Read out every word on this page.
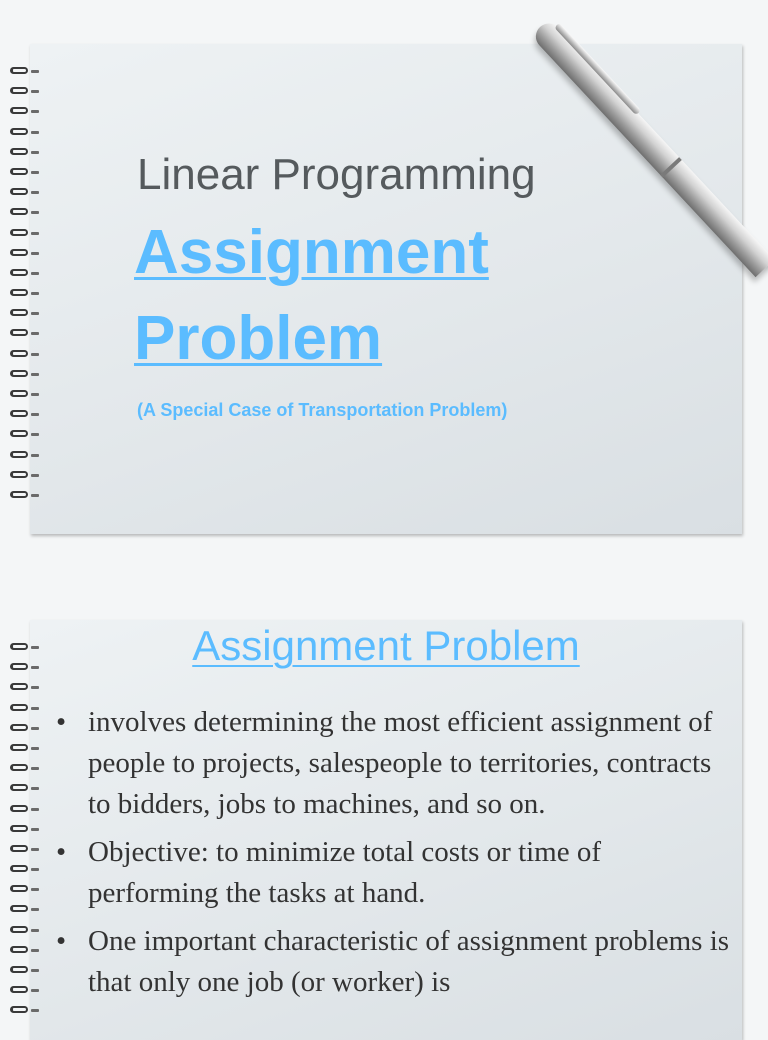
Linear Programming
Assignment
Problem
(A Special Case of Transportation Problem)
Assignment Problem
• involves determining the most efficient assignment of people to projects, salespeople to territories, contracts to bidders, jobs to machines, and so on.
• Objective: to minimize total costs or time of performing the tasks at hand.
• One important characteristic of assignment problems is that only one job (or worker) is
